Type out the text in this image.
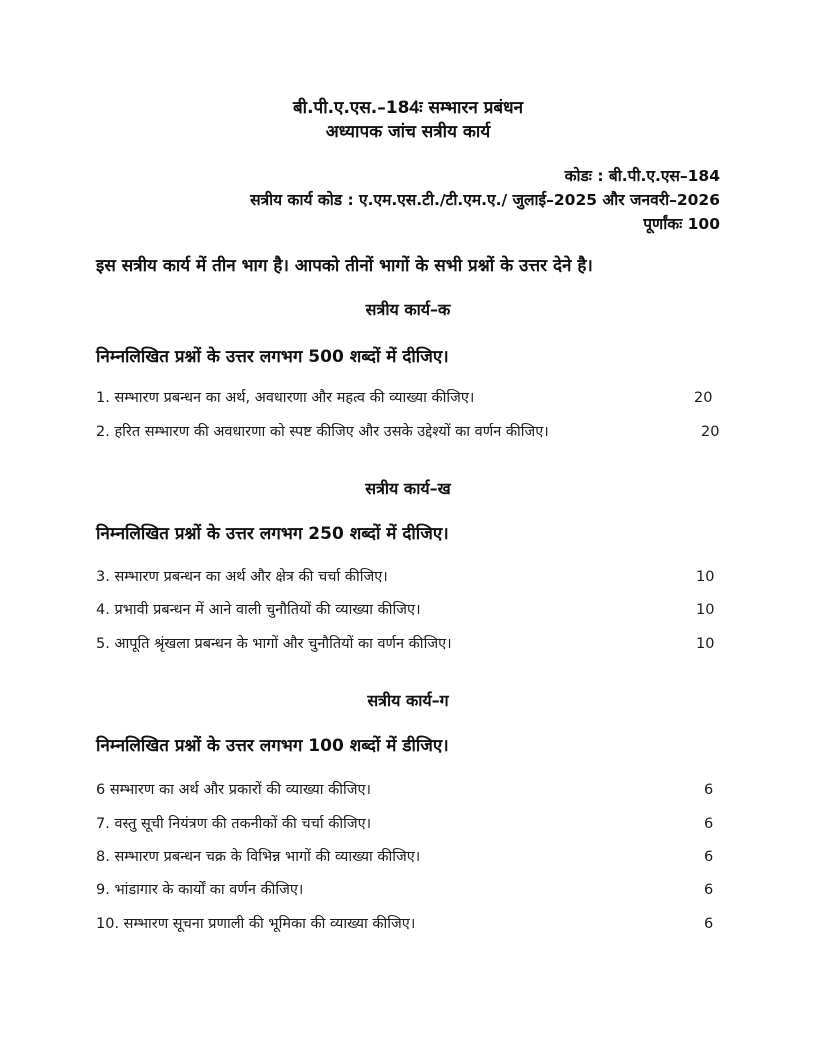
बी.पी.ए.एस.–184ः सम्भारन प्रबंधन
अध्यापक जांच सत्रीय कार्य
कोडः : बी.पी.ए.एस–184
सत्रीय कार्य कोड : ए.एम.एस.टी./टी.एम.ए./ जुलाई–2025 और जनवरी–2026
पूर्णांकः 100
इस सत्रीय कार्य में तीन भाग है। आपको तीनों भागों के सभी प्रश्नों के उत्तर देने है।
सत्रीय कार्य–क
निम्नलिखित प्रश्नों के उत्तर लगभग 500 शब्दों में दीजिए।
1. सम्भारण प्रबन्धन का अर्थ, अवधारणा और महत्व की व्याख्या कीजिए।	20
2. हरित सम्भारण की अवधारणा को स्पष्ट कीजिए और उसके उद्देश्यों का वर्णन कीजिए।	20
सत्रीय कार्य–ख
निम्नलिखित प्रश्नों के उत्तर लगभग 250 शब्दों में दीजिए।
3. सम्भारण प्रबन्धन का अर्थ और क्षेत्र की चर्चा कीजिए।	10
4. प्रभावी प्रबन्धन में आने वाली चुनौतियों की व्याख्या कीजिए।	10
5. आपूति श्रृंखला प्रबन्धन के भागों और चुनौतियों का वर्णन कीजिए।	10
सत्रीय कार्य–ग
निम्नलिखित प्रश्नों के उत्तर लगभग 100 शब्दों में डीजिए।
6 सम्भारण का अर्थ और प्रकारों की व्याख्या कीजिए।	6
7. वस्तु सूची नियंत्रण की तकनीकों की चर्चा कीजिए।	6
8. सम्भारण प्रबन्धन चक्र के विभिन्न भागों की व्याख्या कीजिए।	6
9. भांडागार के कार्यों का वर्णन कीजिए।	6
10. सम्भारण सूचना प्रणाली की भूमिका की व्याख्या कीजिए।	6
